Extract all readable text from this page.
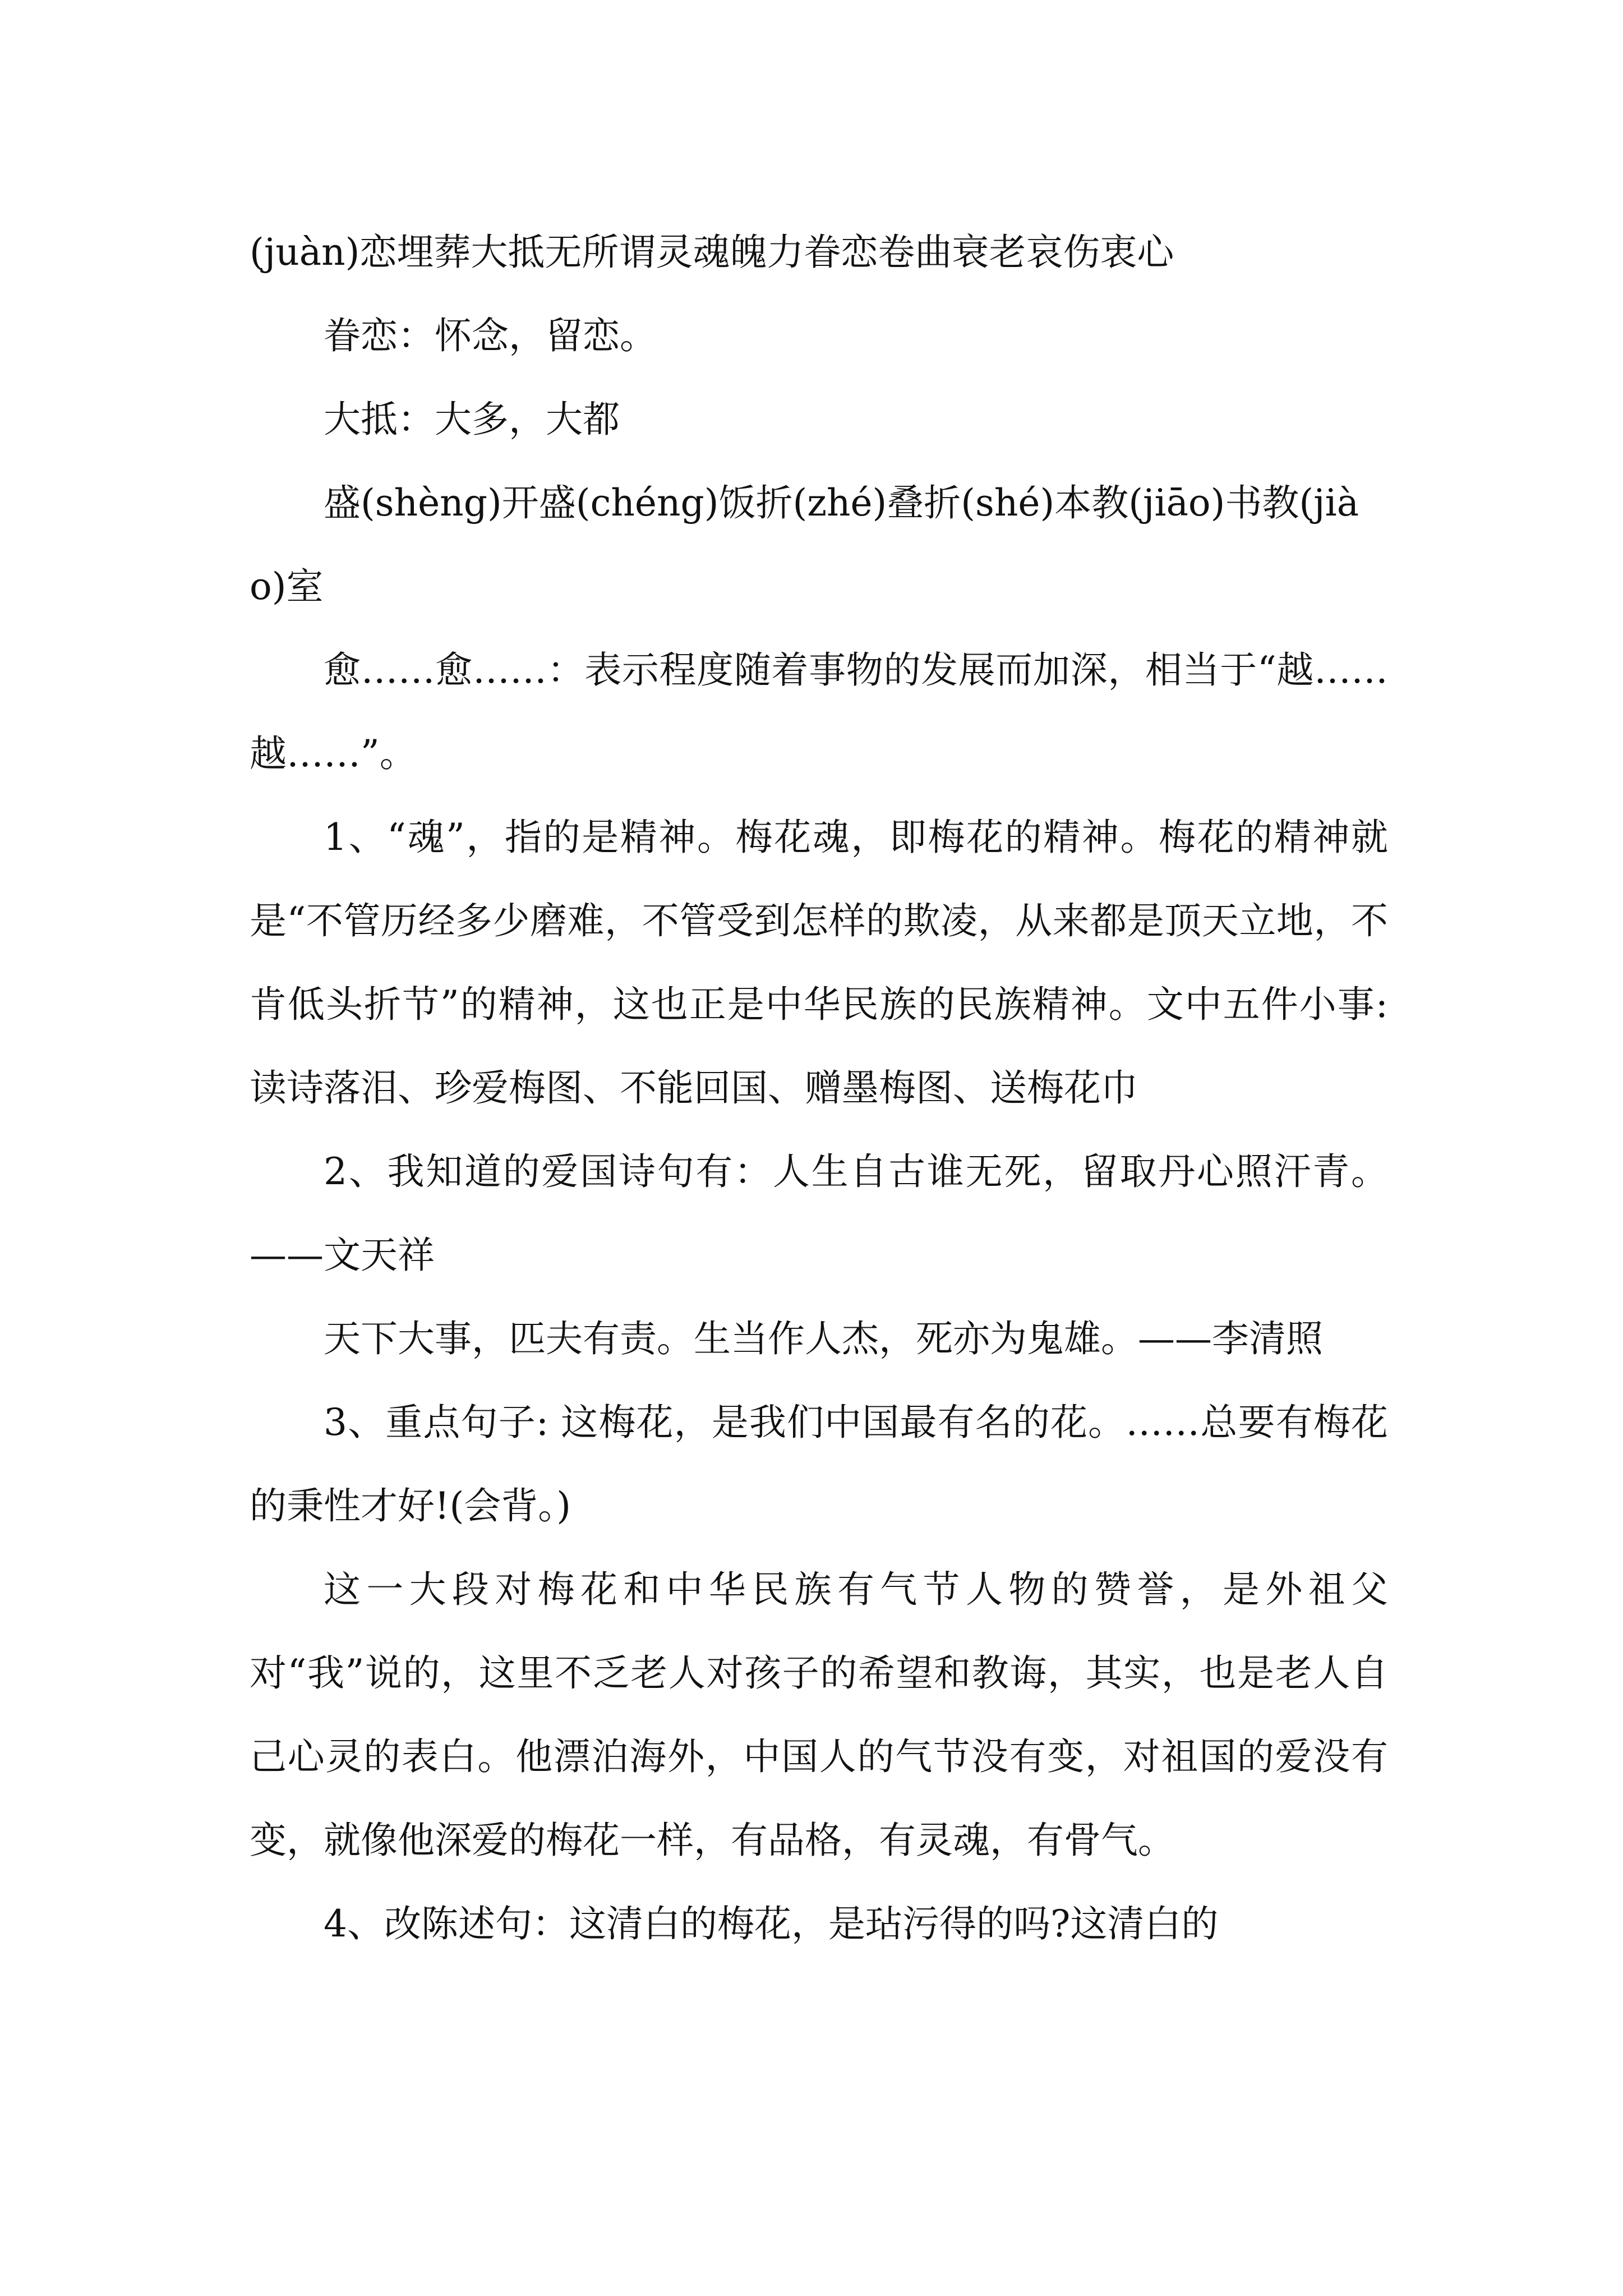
(juàn)恋埋葬大抵无所谓灵魂魄力眷恋卷曲衰老哀伤衷心

眷恋：怀念，留恋。

大抵：大多，大都

盛(shèng)开盛(chéng)饭折(zhé)叠折(shé)本教(jiāo)书教(jiào)室

愈……愈……：表示程度随着事物的发展而加深，相当于“越……越……”。

1、“魂”，指的是精神。梅花魂，即梅花的精神。梅花的精神就是“不管历经多少磨难，不管受到怎样的欺凌，从来都是顶天立地，不肯低头折节”的精神，这也正是中华民族的民族精神。文中五件小事:读诗落泪、珍爱梅图、不能回国、赠墨梅图、送梅花巾

2、我知道的爱国诗句有：人生自古谁无死，留取丹心照汗青。——文天祥

天下大事，匹夫有责。生当作人杰，死亦为鬼雄。——李清照

3、重点句子: 这梅花，是我们中国最有名的花。……总要有梅花的秉性才好!(会背。)

这一大段对梅花和中华民族有气节人物的赞誉，是外祖父对“我”说的，这里不乏老人对孩子的希望和教诲，其实，也是老人自己心灵的表白。他漂泊海外，中国人的气节没有变，对祖国的爱没有变，就像他深爱的梅花一样，有品格，有灵魂，有骨气。

4、改陈述句：这清白的梅花，是玷污得的吗?这清白的
